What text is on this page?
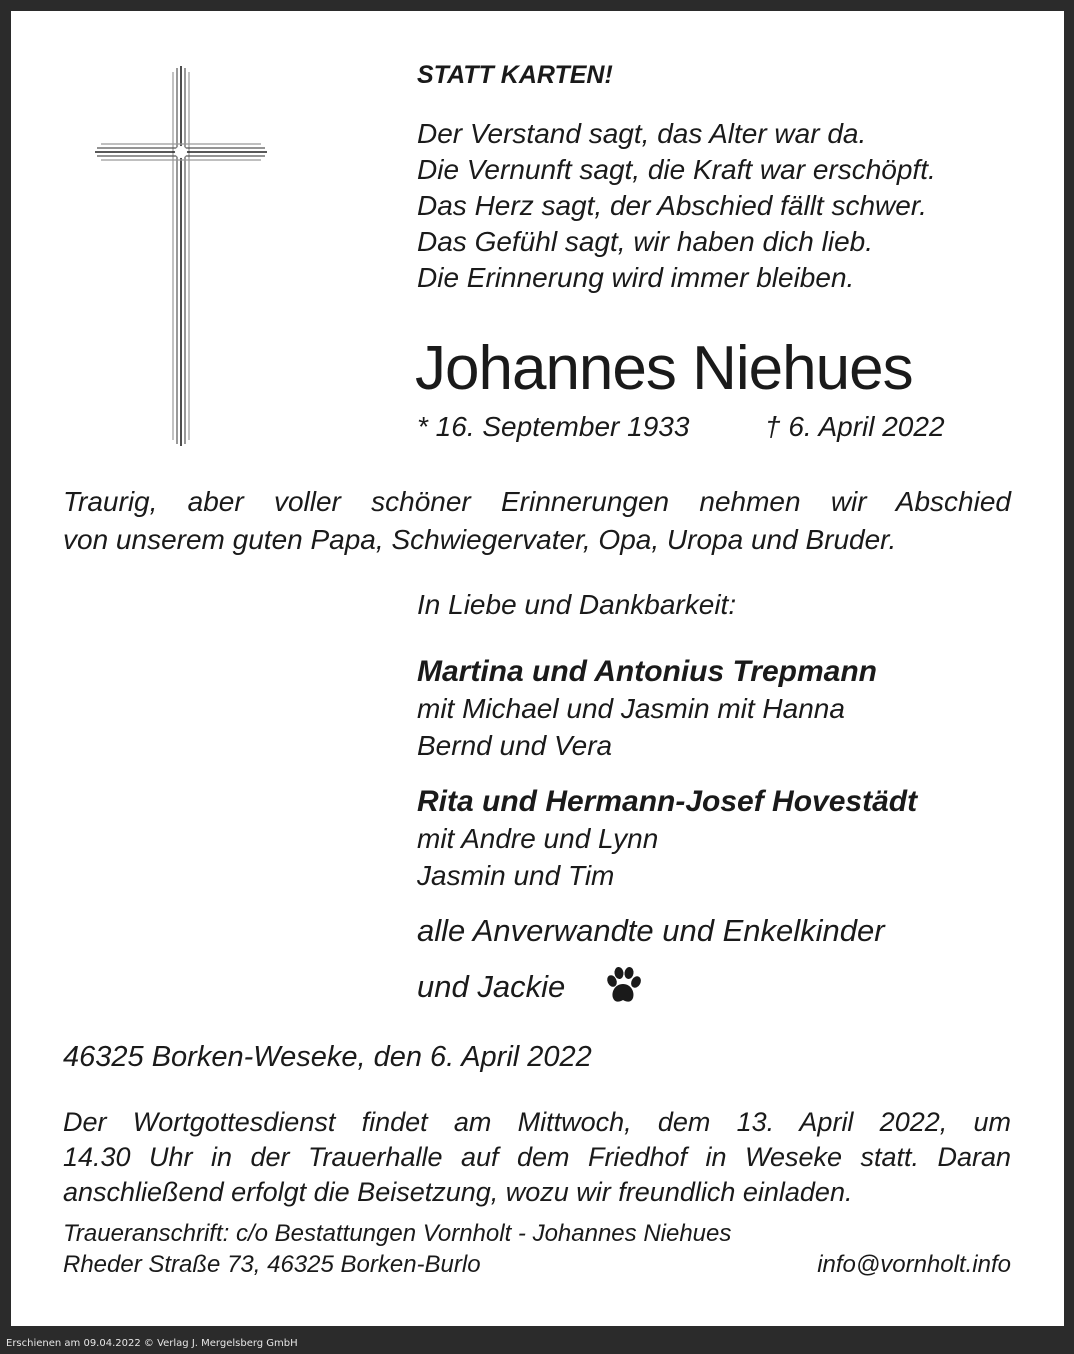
STATT KARTEN!
Der Verstand sagt, das Alter war da.
Die Vernunft sagt, die Kraft war erschöpft.
Das Herz sagt, der Abschied fällt schwer.
Das Gefühl sagt, wir haben dich lieb.
Die Erinnerung wird immer bleiben.
Johannes Niehues
* 16. September 1933	† 6. April 2022
Traurig, aber voller schöner Erinnerungen nehmen wir Abschied
von unserem guten Papa, Schwiegervater, Opa, Uropa und Bruder.
In Liebe und Dankbarkeit:
Martina und Antonius Trepmann
mit Michael und Jasmin mit Hanna
Bernd und Vera
Rita und Hermann-Josef Hovestädt
mit Andre und Lynn
Jasmin und Tim
alle Anverwandte und Enkelkinder
und Jackie
46325 Borken-Weseke, den 6. April 2022
Der Wortgottesdienst findet am Mittwoch, dem 13. April 2022, um
14.30 Uhr in der Trauerhalle auf dem Friedhof in Weseke statt. Daran
anschließend erfolgt die Beisetzung, wozu wir freundlich einladen.
Traueranschrift: c/o Bestattungen Vornholt - Johannes Niehues
Rheder Straße 73, 46325 Borken-Burlo	info@vornholt.info
Erschienen am 09.04.2022 © Verlag J. Mergelsberg GmbH
